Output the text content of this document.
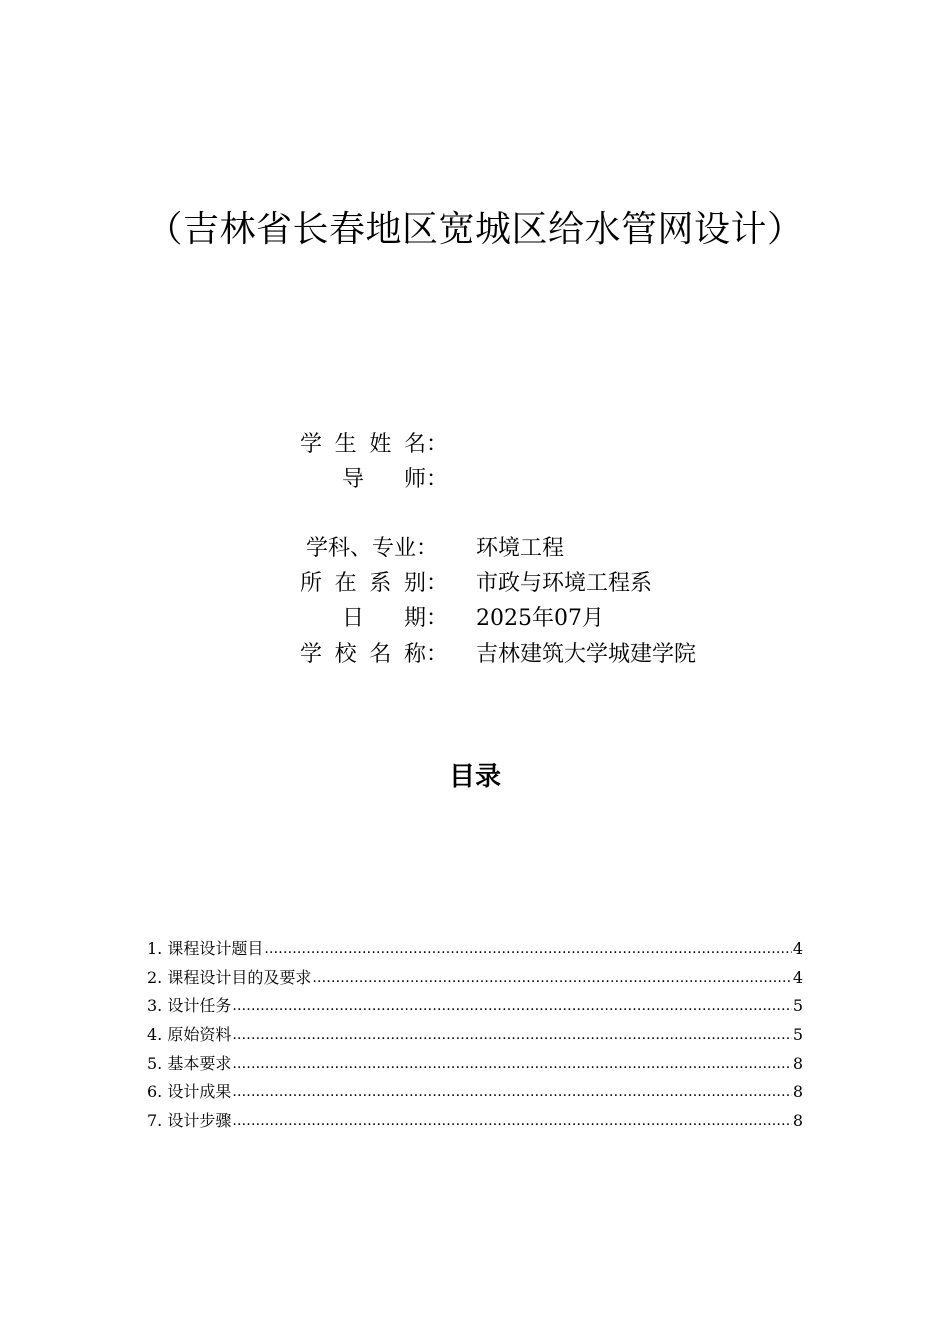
（吉林省长春地区宽城区给水管网设计）
学 生 姓 名：
导 师：
学科、专业： 环境工程
所 在 系 别： 市政与环境工程系
日 期： 2025年07月
学 校 名 称： 吉林建筑大学城建学院
目录
1. 课程设计题目 .....	4
2. 课程设计目的及要求 .....	4
3. 设计任务 .....	5
4. 原始资料 .....	5
5. 基本要求 .....	8
6. 设计成果 .....	8
7. 设计步骤 .....	8
